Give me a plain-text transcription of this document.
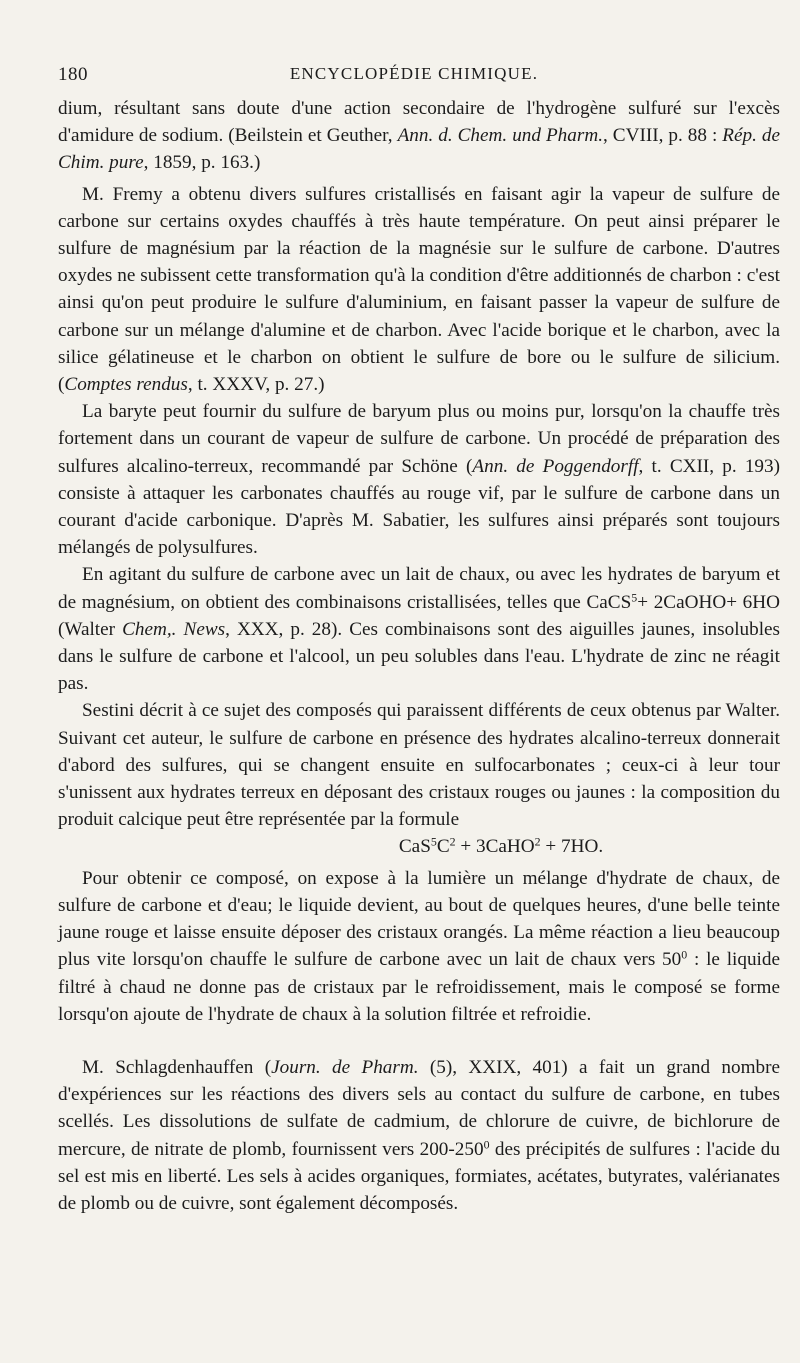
180	ENCYCLOPÉDIE CHIMIQUE.

dium, résultant sans doute d'une action secondaire de l'hydrogène sulfuré sur l'excès d'amidure de sodium. (Beilstein et Geuther, Ann. d. Chem. und Pharm., CVIII, p. 88 : Rép. de Chim. pure, 1859, p. 163.)

M. Fremy a obtenu divers sulfures cristallisés en faisant agir la vapeur de sulfure de carbone sur certains oxydes chauffés à très haute température. On peut ainsi préparer le sulfure de magnésium par la réaction de la magnésie sur le sulfure de carbone. D'autres oxydes ne subissent cette transformation qu'à la condition d'être additionnés de charbon : c'est ainsi qu'on peut produire le sulfure d'aluminium, en faisant passer la vapeur de sulfure de carbone sur un mélange d'alumine et de charbon. Avec l'acide borique et le charbon, avec la silice gélatineuse et le charbon on obtient le sulfure de bore ou le sulfure de silicium. (Comptes rendus, t. XXXV, p. 27.)

La baryte peut fournir du sulfure de baryum plus ou moins pur, lorsqu'on la chauffe très fortement dans un courant de vapeur de sulfure de carbone. Un procédé de préparation des sulfures alcalino-terreux, recommandé par Schöne (Ann. de Poggendorff, t. CXII, p. 193) consiste à attaquer les carbonates chauffés au rouge vif, par le sulfure de carbone dans un courant d'acide carbonique. D'après M. Sabatier, les sulfures ainsi préparés sont toujours mélangés de polysulfures.

En agitant du sulfure de carbone avec un lait de chaux, ou avec les hydrates de baryum et de magnésium, on obtient des combinaisons cristallisées, telles que CaCS$^5$+ 2CaOHO+ 6HO (Walter Chem,. News, XXX, p. 28). Ces combinaisons sont des aiguilles jaunes, insolubles dans le sulfure de carbone et l'alcool, un peu solubles dans l'eau. L'hydrate de zinc ne réagit pas.

Sestini décrit à ce sujet des composés qui paraissent différents de ceux obtenus par Walter. Suivant cet auteur, le sulfure de carbone en présence des hydrates alcalino-terreux donnerait d'abord des sulfures, qui se changent ensuite en sulfocarbonates ; ceux-ci à leur tour s'unissent aux hydrates terreux en déposant des cristaux rouges ou jaunes : la composition du produit calcique peut être représentée par la formule

$CaS^5C^2$ + 3CaHO$^2$ + 7HO.

Pour obtenir ce composé, on expose à la lumière un mélange d'hydrate de chaux, de sulfure de carbone et d'eau; le liquide devient, au bout de quelques heures, d'une belle teinte jaune rouge et laisse ensuite déposer des cristaux orangés. La même réaction a lieu beaucoup plus vite lorsqu'on chauffe le sulfure de carbone avec un lait de chaux vers $50^0$ : le liquide filtré à chaud ne donne pas de cristaux par le refroidissement, mais le composé se forme lorsqu'on ajoute de l'hydrate de chaux à la solution filtrée et refroidie.

M. Schlagdenhauffen (Journ. de Pharm. (5), XXIX, 401) a fait un grand nombre d'expériences sur les réactions des divers sels au contact du sulfure de carbone, en tubes scellés. Les dissolutions de sulfate de cadmium, de chlorure de cuivre, de bichlorure de mercure, de nitrate de plomb, fournissent vers $200-250^0$ des précipités de sulfures : l'acide du sel est mis en liberté. Les sels à acides organiques, formiates, acétates, butyrates, valérianates de plomb ou de cuivre, sont également décomposés.
